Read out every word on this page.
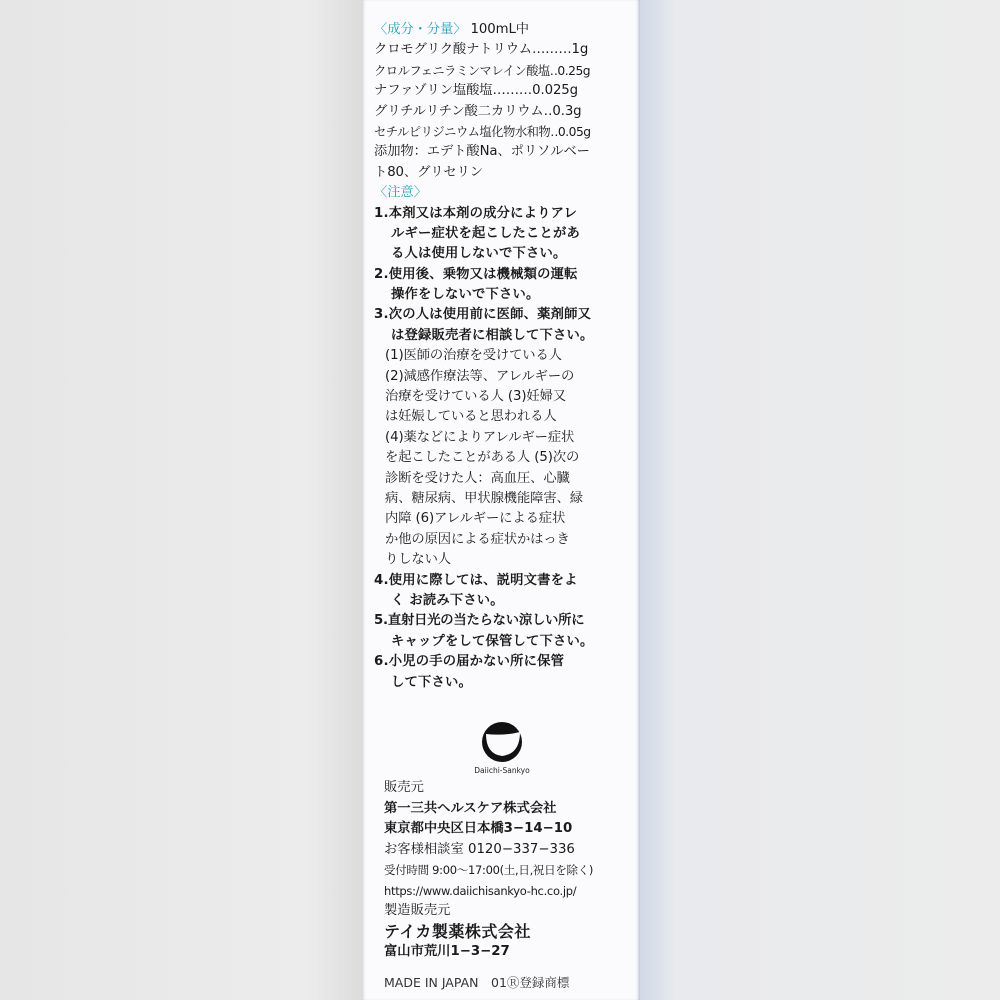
〈成分・分量〉 100mL中
クロモグリク酸ナトリウム………1g
クロルフェニラミンマレイン酸塩‥0.25g
ナファゾリン塩酸塩………0.025g
グリチルリチン酸二カリウム‥0.3g
セチルピリジニウム塩化物水和物‥0.05g
添加物：エデト酸Na、ポリソルベー
ト80、グリセリン
〈注意〉
1.本剤又は本剤の成分によりアレ
ルギー症状を起こしたことがあ
る人は使用しないで下さい。
2.使用後、乗物又は機械類の運転
操作をしないで下さい。
3.次の人は使用前に医師、薬剤師又
は登録販売者に相談して下さい。
(1)医師の治療を受けている人
(2)減感作療法等、アレルギーの
治療を受けている人 (3)妊婦又
は妊娠していると思われる人
(4)薬などによりアレルギー症状
を起こしたことがある人 (5)次の
診断を受けた人：高血圧、心臓
病、糖尿病、甲状腺機能障害、緑
内障 (6)アレルギーによる症状
か他の原因による症状かはっき
りしない人
4.使用に際しては、説明文書をよ
く お読み下さい。
5.直射日光の当たらない涼しい所に
キャップをして保管して下さい。
6.小児の手の届かない所に保管
して下さい。
Daiichi-Sankyo
販売元
第一三共ヘルスケア株式会社
東京都中央区日本橋3−14−10
お客様相談室 0120−337−336
受付時間 9:00〜17:00(土,日,祝日を除く)
https://www.daiichisankyo-hc.co.jp/
製造販売元
テイカ製薬株式会社
富山市荒川1−3−27
MADE IN JAPAN　01Ⓡ登録商標
